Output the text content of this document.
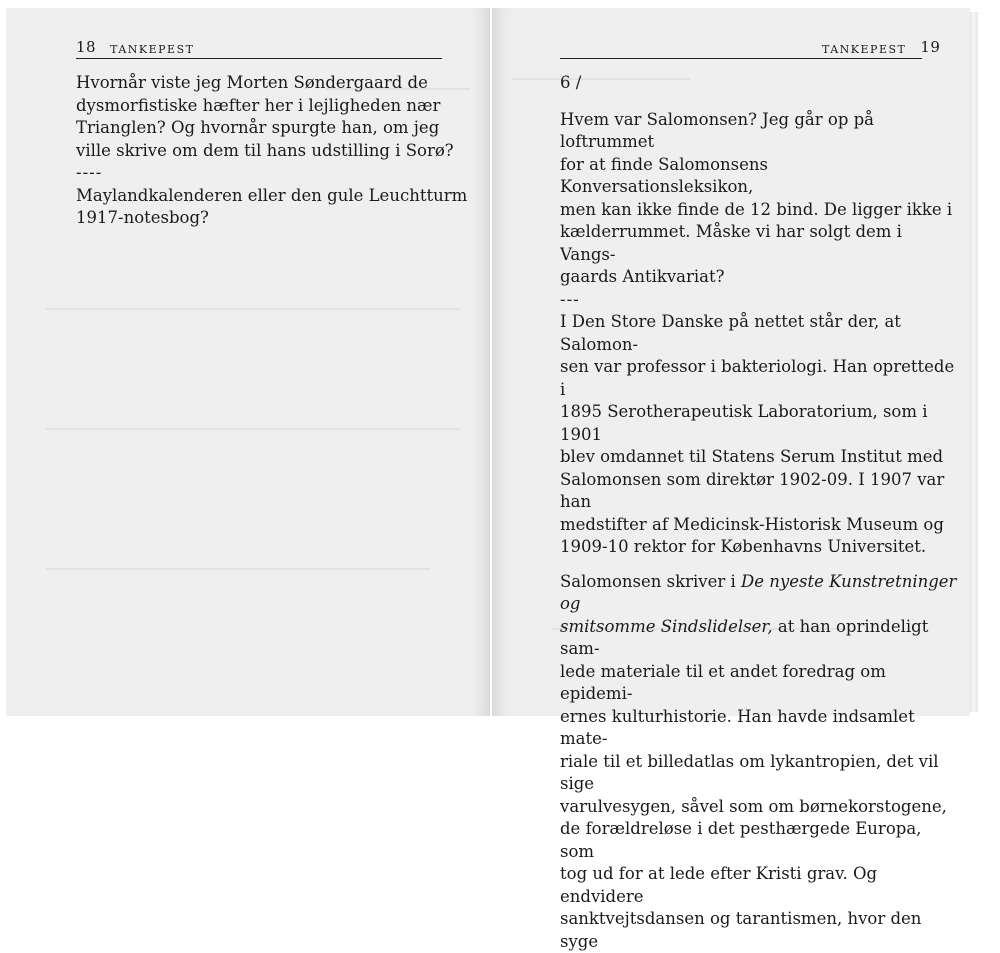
18 TANKEPEST

Hvornår viste jeg Morten Søndergaard de
dysmorfistiske hæfter her i lejligheden nær
Trianglen? Og hvornår spurgte han, om jeg
ville skrive om dem til hans udstilling i Sorø?

----

Maylandkalenderen eller den gule Leuchtturm
1917-notesbog?

TANKEPEST 19

6 /

Hvem var Salomonsen? Jeg går op på loftrummet
for at finde Salomonsens Konversationsleksikon,
men kan ikke finde de 12 bind. De ligger ikke i
kælderrummet. Måske vi har solgt dem i Vangs-
gaards Antikvariat?

---

I Den Store Danske på nettet står der, at Salomon-
sen var professor i bakteriologi. Han oprettede i
1895 Serotherapeutisk Laboratorium, som i 1901
blev omdannet til Statens Serum Institut med
Salomonsen som direktør 1902-09. I 1907 var han
medstifter af Medicinsk-Historisk Museum og
1909-10 rektor for Københavns Universitet.

Salomonsen skriver i De nyeste Kunstretninger og
smitsomme Sindslidelser, at han oprindeligt sam-
lede materiale til et andet foredrag om epidemi-
ernes kulturhistorie. Han havde indsamlet mate-
riale til et billedatlas om lykantropien, det vil sige
varulvesygen, såvel som om børnekorstogene,
de forældreløse i det pesthærgede Europa, som
tog ud for at lede efter Kristi grav. Og endvidere
sanktvejtsdansen og tarantismen, hvor den syge
